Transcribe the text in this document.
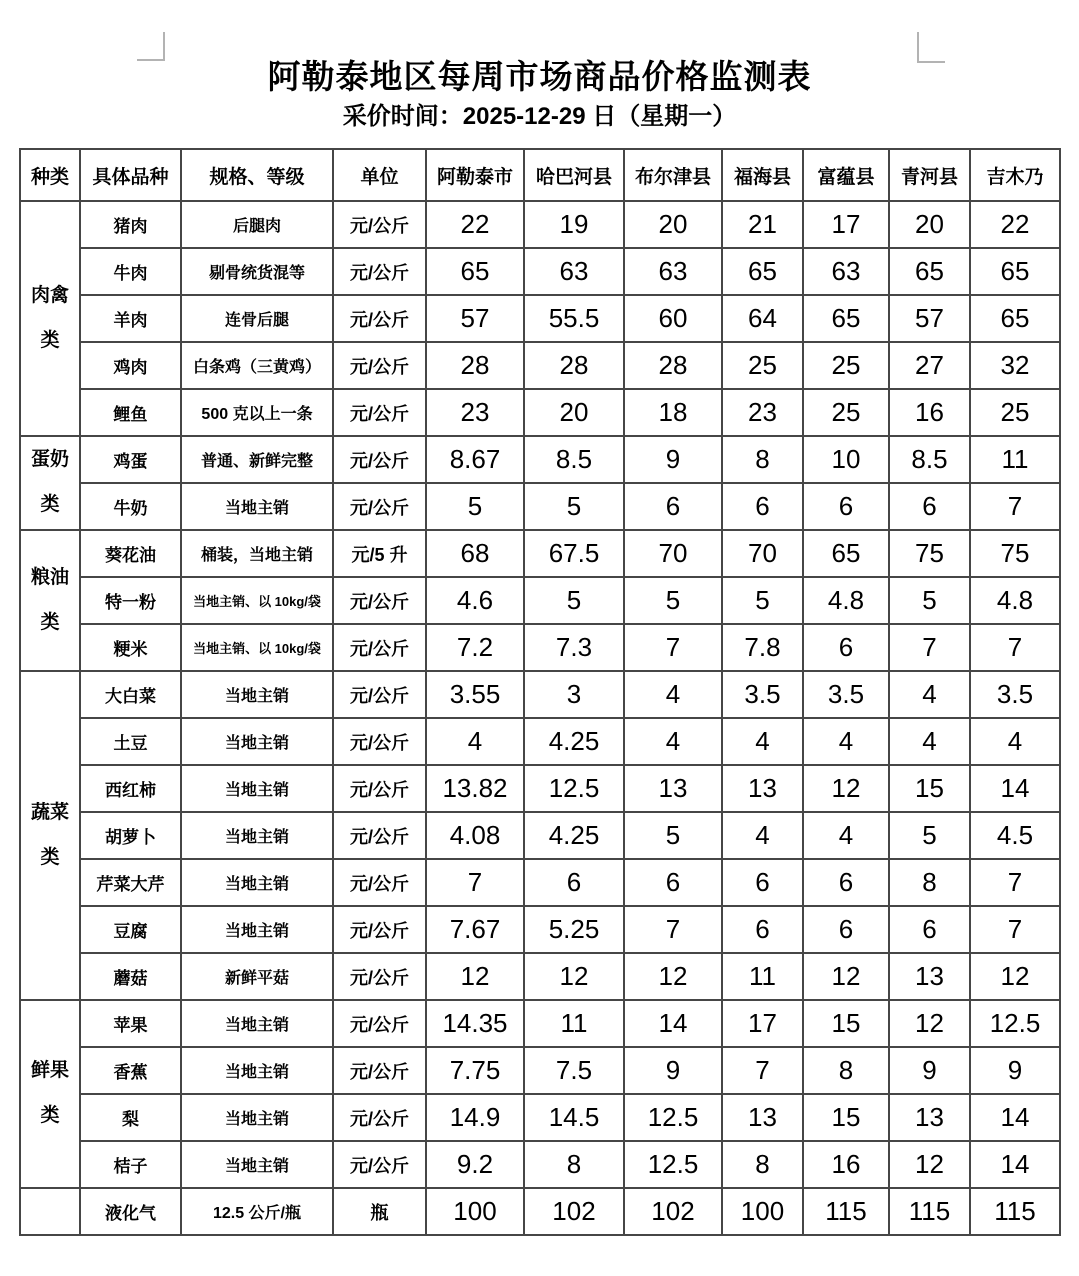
阿勒泰地区每周市场商品价格监测表
采价时间：2025-12-29 日（星期一）
种类	具体品种	规格、等级	单位	阿勒泰市	哈巴河县	布尔津县	福海县	富蕴县	青河县	吉木乃
肉禽类	猪肉	后腿肉	元/公斤	22	19	20	21	17	20	22
	牛肉	剔骨统货混等	元/公斤	65	63	63	65	63	65	65
	羊肉	连骨后腿	元/公斤	57	55.5	60	64	65	57	65
	鸡肉	白条鸡（三黄鸡）	元/公斤	28	28	28	25	25	27	32
	鲤鱼	500 克以上一条	元/公斤	23	20	18	23	25	16	25
蛋奶类	鸡蛋	普通、新鲜完整	元/公斤	8.67	8.5	9	8	10	8.5	11
	牛奶	当地主销	元/公斤	5	5	6	6	6	6	7
粮油类	葵花油	桶装，当地主销	元/5 升	68	67.5	70	70	65	75	75
	特一粉	当地主销、以 10kg/袋	元/公斤	4.6	5	5	5	4.8	5	4.8
	粳米	当地主销、以 10kg/袋	元/公斤	7.2	7.3	7	7.8	6	7	7
蔬菜类	大白菜	当地主销	元/公斤	3.55	3	4	3.5	3.5	4	3.5
	土豆	当地主销	元/公斤	4	4.25	4	4	4	4	4
	西红柿	当地主销	元/公斤	13.82	12.5	13	13	12	15	14
	胡萝卜	当地主销	元/公斤	4.08	4.25	5	4	4	5	4.5
	芹菜大芹	当地主销	元/公斤	7	6	6	6	6	8	7
	豆腐	当地主销	元/公斤	7.67	5.25	7	6	6	6	7
	蘑菇	新鲜平菇	元/公斤	12	12	12	11	12	13	12
鲜果类	苹果	当地主销	元/公斤	14.35	11	14	17	15	12	12.5
	香蕉	当地主销	元/公斤	7.75	7.5	9	7	8	9	9
	梨	当地主销	元/公斤	14.9	14.5	12.5	13	15	13	14
	桔子	当地主销	元/公斤	9.2	8	12.5	8	16	12	14
	液化气	12.5 公斤/瓶	瓶	100	102	102	100	115	115	115
